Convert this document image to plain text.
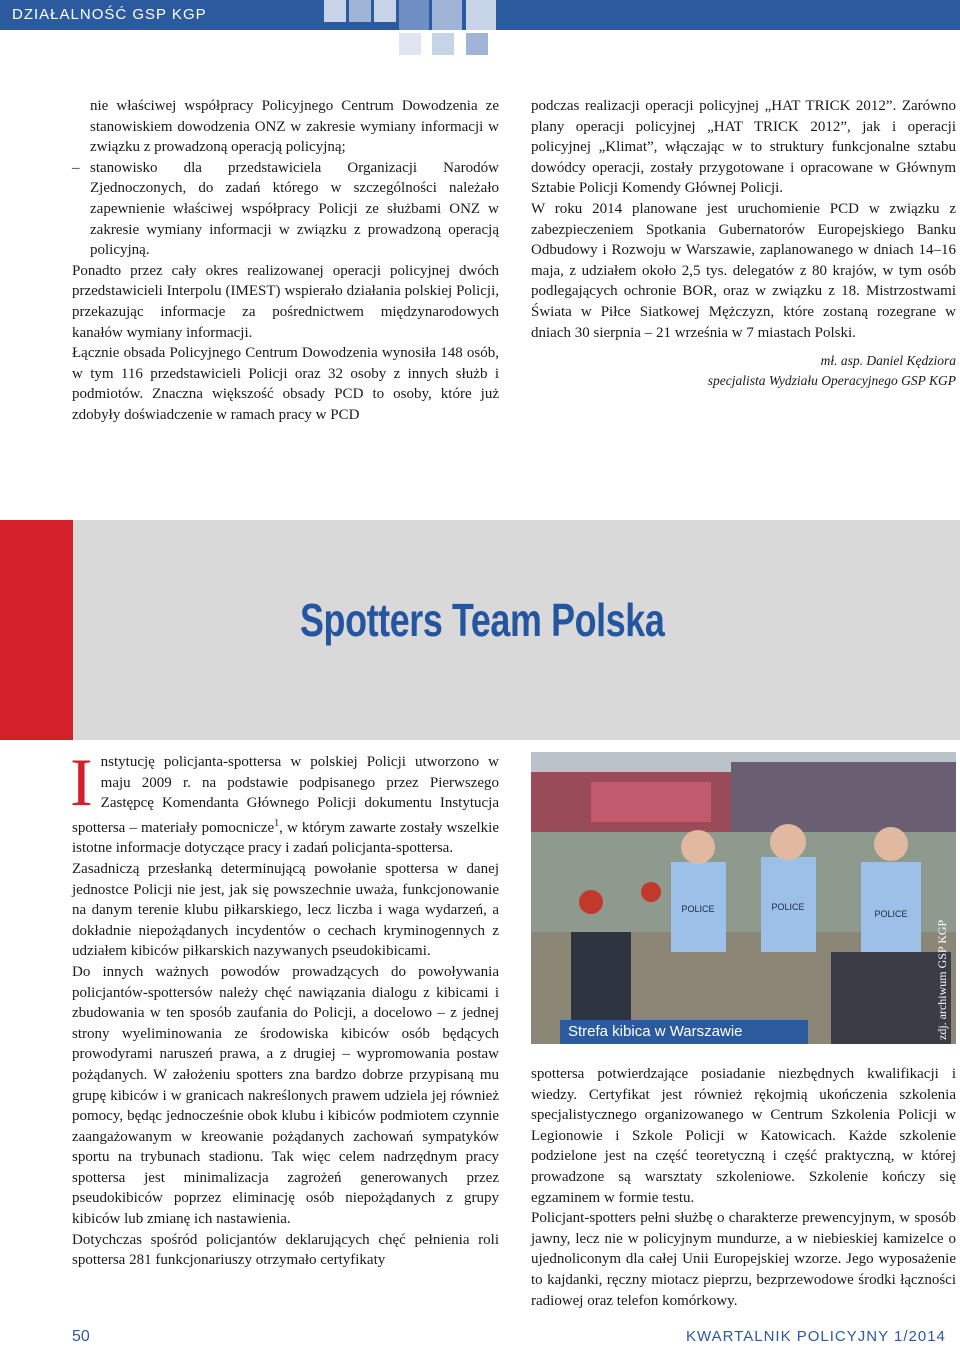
DZIAŁALNOŚĆ GSP KGP

nie właściwej współpracy Policyjnego Centrum Dowodzenia ze stanowiskiem dowodzenia ONZ w zakresie wymiany informacji w związku z prowadzoną operacją policyjną;

– stanowisko dla przedstawiciela Organizacji Narodów Zjednoczonych, do zadań którego w szczególności należało zapewnienie właściwej współpracy Policji ze służbami ONZ w zakresie wymiany informacji w związku z prowadzoną operacją policyjną.

Ponadto przez cały okres realizowanej operacji policyjnej dwóch przedstawicieli Interpolu (IMEST) wspierało działania polskiej Policji, przekazując informacje za pośrednictwem międzynarodowych kanałów wymiany informacji.

Łącznie obsada Policyjnego Centrum Dowodzenia wynosiła 148 osób, w tym 116 przedstawicieli Policji oraz 32 osoby z innych służb i podmiotów. Znaczna większość obsady PCD to osoby, które już zdobyły doświadczenie w ramach pracy w PCD

podczas realizacji operacji policyjnej „HAT TRICK 2012”. Zarówno plany operacji policyjnej „HAT TRICK 2012”, jak i operacji policyjnej „Klimat”, włączając w to struktury funkcjonalne sztabu dowódcy operacji, zostały przygotowane i opracowane w Głównym Sztabie Policji Komendy Głównej Policji.

W roku 2014 planowane jest uruchomienie PCD w związku z zabezpieczeniem Spotkania Gubernatorów Europejskiego Banku Odbudowy i Rozwoju w Warszawie, zaplanowanego w dniach 14–16 maja, z udziałem około 2,5 tys. delegatów z 80 krajów, w tym osób podlegających ochronie BOR, oraz w związku z 18. Mistrzostwami Świata w Piłce Siatkowej Mężczyzn, które zostaną rozegrane w dniach 30 sierpnia – 21 września w 7 miastach Polski.

mł. asp. Daniel Kędziora
specjalista Wydziału Operacyjnego GSP KGP
Spotters Team Polska

Instytucję policjanta-spottersa w polskiej Policji utworzono w maju 2009 r. na podstawie podpisanego przez Pierwszego Zastępcę Komendanta Głównego Policji dokumentu Instytucja spottersa – materiały pomocnicze$^1$, w którym zawarte zostały wszelkie istotne informacje dotyczące pracy i zadań policjanta-spottersa.

Zasadniczą przesłanką determinującą powołanie spottersa w danej jednostce Policji nie jest, jak się powszechnie uważa, funkcjonowanie na danym terenie klubu piłkarskiego, lecz liczba i waga wydarzeń, a dokładnie niepożądanych incydentów o cechach kryminogennych z udziałem kibiców piłkarskich nazywanych pseudokibicami.

Do innych ważnych powodów prowadzących do powoływania policjantów-spottersów należy chęć nawiązania dialogu z kibicami i zbudowania w ten sposób zaufania do Policji, a docelowo – z jednej strony wyeliminowania ze środowiska kibiców osób będących prowodyrami naruszeń prawa, a z drugiej – wypromowania postaw pożądanych. W założeniu spotters zna bardzo dobrze przypisaną mu grupę kibiców i w granicach nakreślonych prawem udziela jej również pomocy, będąc jednocześnie obok klubu i kibiców podmiotem czynnie zaangażowanym w kreowanie pożądanych zachowań sympatyków sportu na trybunach stadionu. Tak więc celem nadrzędnym pracy spottersa jest minimalizacja zagrożeń generowanych przez pseudokibiców poprzez eliminację osób niepożądanych z grupy kibiców lub zmianę ich nastawienia.

Dotychczas spośród policjantów deklarujących chęć pełnienia roli spottersa 281 funkcjonariuszy otrzymało certyfikaty

POLICE	POLICE
POLICE
Strefa kibica w Warszawie	zdj. archiwum GSP KGP

spottersa potwierdzające posiadanie niezbędnych kwalifikacji i wiedzy. Certyfikat jest również rękojmią ukończenia szkolenia specjalistycznego organizowanego w Centrum Szkolenia Policji w Legionowie i Szkole Policji w Katowicach. Każde szkolenie podzielone jest na część teoretyczną i część praktyczną, w której prowadzone są warsztaty szkoleniowe. Szkolenie kończy się egzaminem w formie testu.

Policjant-spotters pełni służbę o charakterze prewencyjnym, w sposób jawny, lecz nie w policyjnym mundurze, a w niebieskiej kamizelce o ujednoliconym dla całej Unii Europejskiej wzorze. Jego wyposażenie to kajdanki, ręczny miotacz pieprzu, bezprzewodowe środki łączności radiowej oraz telefon komórkowy.

50	KWARTALNIK POLICYJNY 1/2014
